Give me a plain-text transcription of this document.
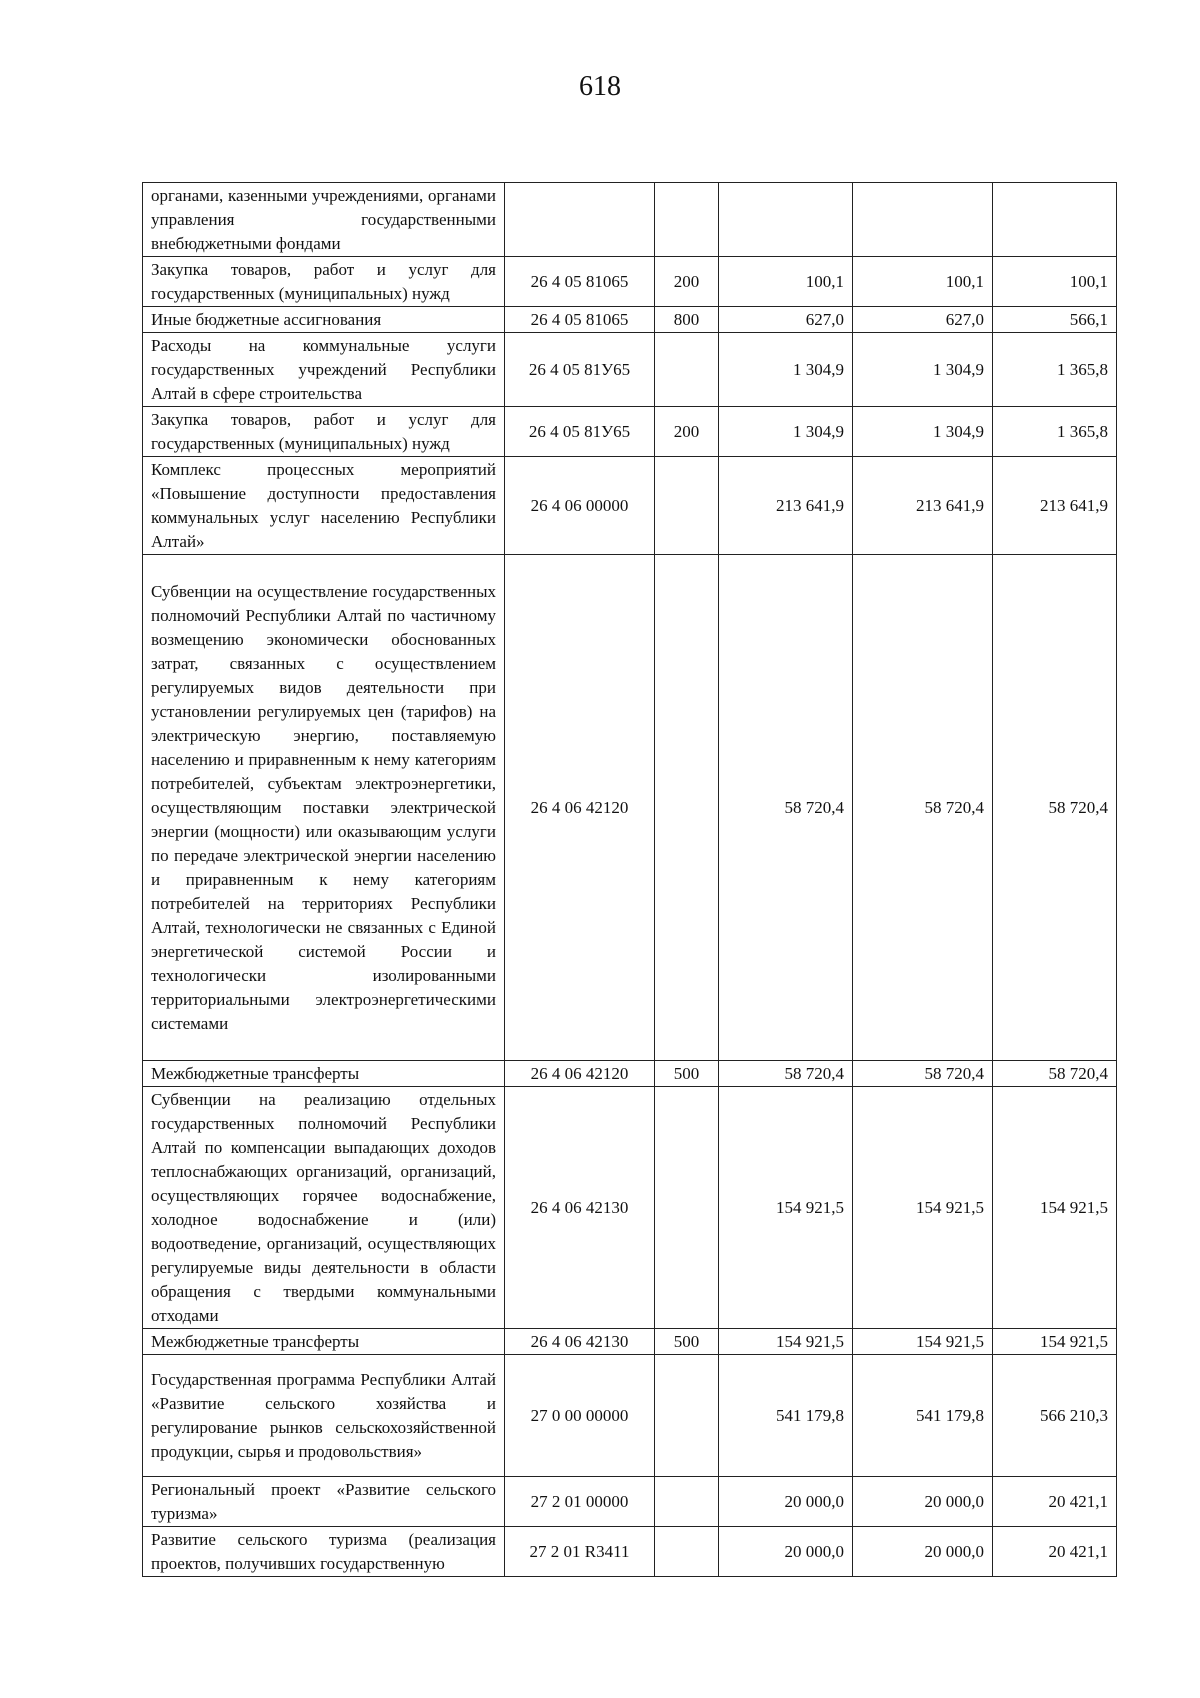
618
органами, казенными учреждениями, органами управления государственными внебюджетными фондами					
Закупка товаров, работ и услуг для государственных (муниципальных) нужд	26 4 05 81065	200	100,1	100,1	100,1
Иные бюджетные ассигнования	26 4 05 81065	800	627,0	627,0	566,1
Расходы на коммунальные услуги государственных учреждений Республики Алтай в сфере строительства	26 4 05 81У65		1 304,9	1 304,9	1 365,8
Закупка товаров, работ и услуг для государственных (муниципальных) нужд	26 4 05 81У65	200	1 304,9	1 304,9	1 365,8
Комплекс процессных мероприятий «Повышение доступности предоставления коммунальных услуг населению Республики Алтай»	26 4 06 00000		213 641,9	213 641,9	213 641,9
Субвенции на осуществление государственных полномочий Республики Алтай по частичному возмещению экономически обоснованных затрат, связанных с осуществлением регулируемых видов деятельности при установлении регулируемых цен (тарифов) на электрическую энергию, поставляемую населению и приравненным к нему категориям потребителей, субъектам электроэнергетики, осуществляющим поставки электрической энергии (мощности) или оказывающим услуги по передаче электрической энергии населению и приравненным к нему категориям потребителей на территориях Республики Алтай, технологически не связанных с Единой энергетической системой России и технологически изолированными территориальными электроэнергетическими системами	26 4 06 42120		58 720,4	58 720,4	58 720,4
Межбюджетные трансферты	26 4 06 42120	500	58 720,4	58 720,4	58 720,4
Субвенции на реализацию отдельных государственных полномочий Республики Алтай по компенсации выпадающих доходов теплоснабжающих организаций, организаций, осуществляющих горячее водоснабжение, холодное водоснабжение и (или) водоотведение, организаций, осуществляющих регулируемые виды деятельности в области обращения с твердыми коммунальными отходами	26 4 06 42130		154 921,5	154 921,5	154 921,5
Межбюджетные трансферты	26 4 06 42130	500	154 921,5	154 921,5	154 921,5
Государственная программа Республики Алтай «Развитие сельского хозяйства и регулирование рынков сельскохозяйственной продукции, сырья и продовольствия»	27 0 00 00000		541 179,8	541 179,8	566 210,3
Региональный проект «Развитие сельского туризма»	27 2 01 00000		20 000,0	20 000,0	20 421,1
Развитие сельского туризма (реализация проектов, получивших государственную	27 2 01 R3411		20 000,0	20 000,0	20 421,1
